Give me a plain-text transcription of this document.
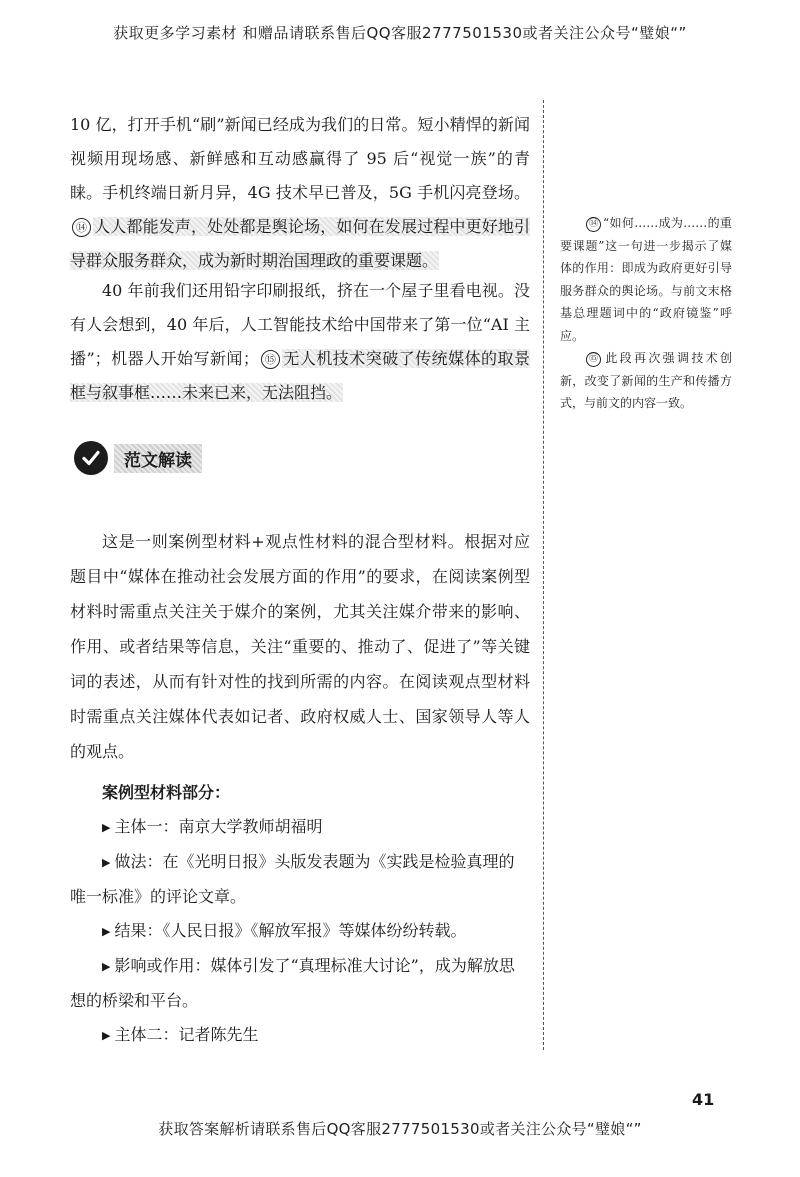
获取更多学习素材 和赠品请联系售后QQ客服2777501530或者关注公众号“璧娘“”

10 亿，打开手机“刷”新闻已经成为我们的日常。短小精悍的新闻视频用现场感、新鲜感和互动感赢得了 95 后“视觉一族”的青睐。手机终端日新月异，4G 技术早已普及，5G 手机闪亮登场。⑭ 人人都能发声，处处都是舆论场，如何在发展过程中更好地引导群众服务群众，成为新时期治国理政的重要课题。

40 年前我们还用铅字印刷报纸，挤在一个屋子里看电视。没有人会想到，40 年后，人工智能技术给中国带来了第一位“AI 主播”；机器人开始写新闻； ⑮ 无人机技术突破了传统媒体的取景框与叙事框……未来已来，无法阻挡。

⑭ “如何……成为……的重要课题”这一句进一步揭示了媒体的作用：即成为政府更好引导服务群众的舆论场。与前文末格基总理题词中的“政府镜鉴”呼应。

⑮ 此段再次强调技术创新，改变了新闻的生产和传播方式，与前文的内容一致。

范文解读

这是一则案例型材料+观点性材料的混合型材料。根据对应题目中“媒体在推动社会发展方面的作用”的要求，在阅读案例型材料时需重点关注关于媒介的案例，尤其关注媒介带来的影响、作用、或者结果等信息，关注“重要的、推动了、促进了”等关键词的表述，从而有针对性的找到所需的内容。在阅读观点型材料时需重点关注媒体代表如记者、政府权威人士、国家领导人等人的观点。

案例型材料部分：

▶ 主体一：南京大学教师胡福明

▶ 做法：在《光明日报》头版发表题为《实践是检验真理的唯一标准》的评论文章。

▶ 结果：《人民日报》《解放军报》等媒体纷纷转载。

▶ 影响或作用：媒体引发了“真理标准大讨论”，成为解放思想的桥梁和平台。

▶ 主体二：记者陈先生

41
获取答案解析请联系售后QQ客服2777501530或者关注公众号“璧娘“”
